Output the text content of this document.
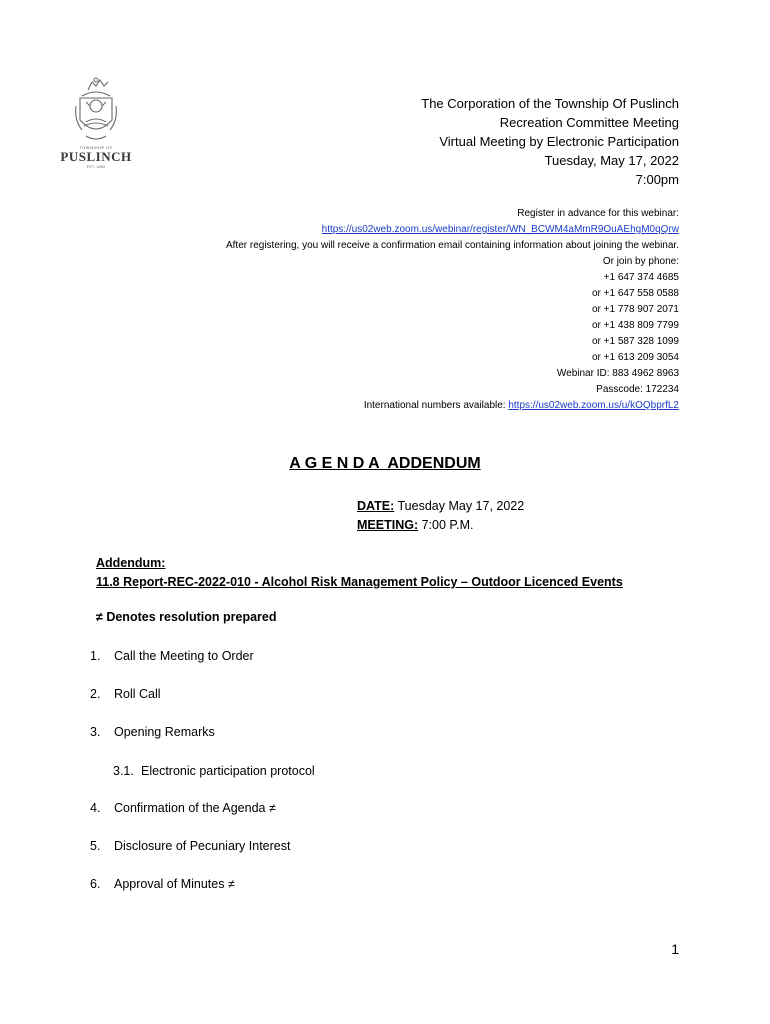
TOWNSHIP OF
PUSLINCH
EST. 1850
The Corporation of the Township Of Puslinch
Recreation Committee Meeting
Virtual Meeting by Electronic Participation
Tuesday, May 17, 2022
7:00pm
Register in advance for this webinar:
https://us02web.zoom.us/webinar/register/WN_BCWM4aMmR9OuAEhgM0qQrw
After registering, you will receive a confirmation email containing information about joining the webinar.
Or join by phone:
+1 647 374 4685
or +1 647 558 0588
or +1 778 907 2071
or +1 438 809 7799
or +1 587 328 1099
or +1 613 209 3054
Webinar ID: 883 4962 8963
Passcode: 172234
International numbers available: https://us02web.zoom.us/u/kOQbprfL2
A G E N D A  ADDENDUM
DATE: Tuesday May 17, 2022
MEETING: 7:00 P.M.
Addendum:
11.8 Report-REC-2022-010 - Alcohol Risk Management Policy – Outdoor Licenced Events
≠ Denotes resolution prepared
1. Call the Meeting to Order
2. Roll Call
3. Opening Remarks
3.1. Electronic participation protocol
4. Confirmation of the Agenda ≠
5. Disclosure of Pecuniary Interest
6. Approval of Minutes ≠
1
